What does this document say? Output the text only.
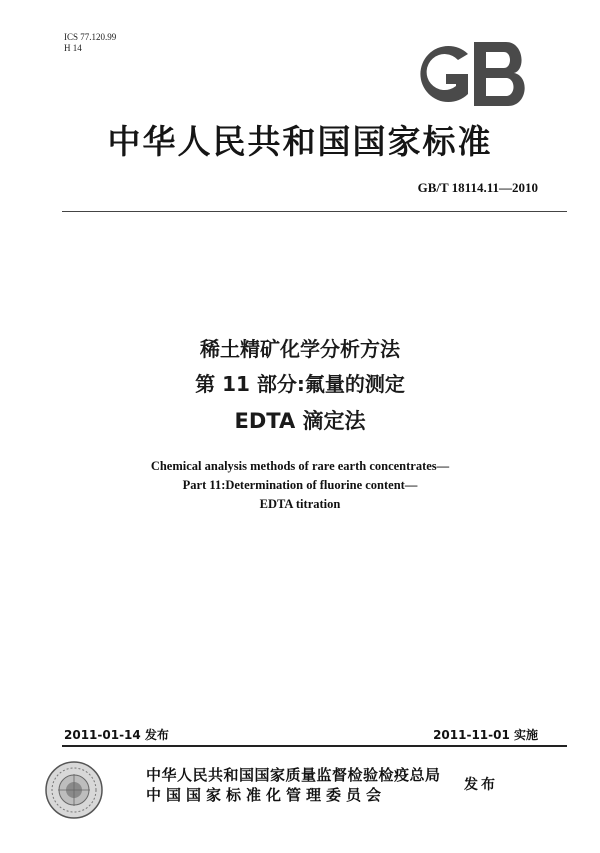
ICS 77.120.99
H 14
中华人民共和国国家标准
GB/T 18114.11—2010
稀土精矿化学分析方法
第 11 部分:氟量的测定
EDTA 滴定法
Chemical analysis methods of rare earth concentrates—
Part 11:Determination of fluorine content—
EDTA titration
2011-01-14 发布	2011-11-01 实施
中华人民共和国国家质量监督检验检疫总局
中国国家标准化管理委员会
发布
